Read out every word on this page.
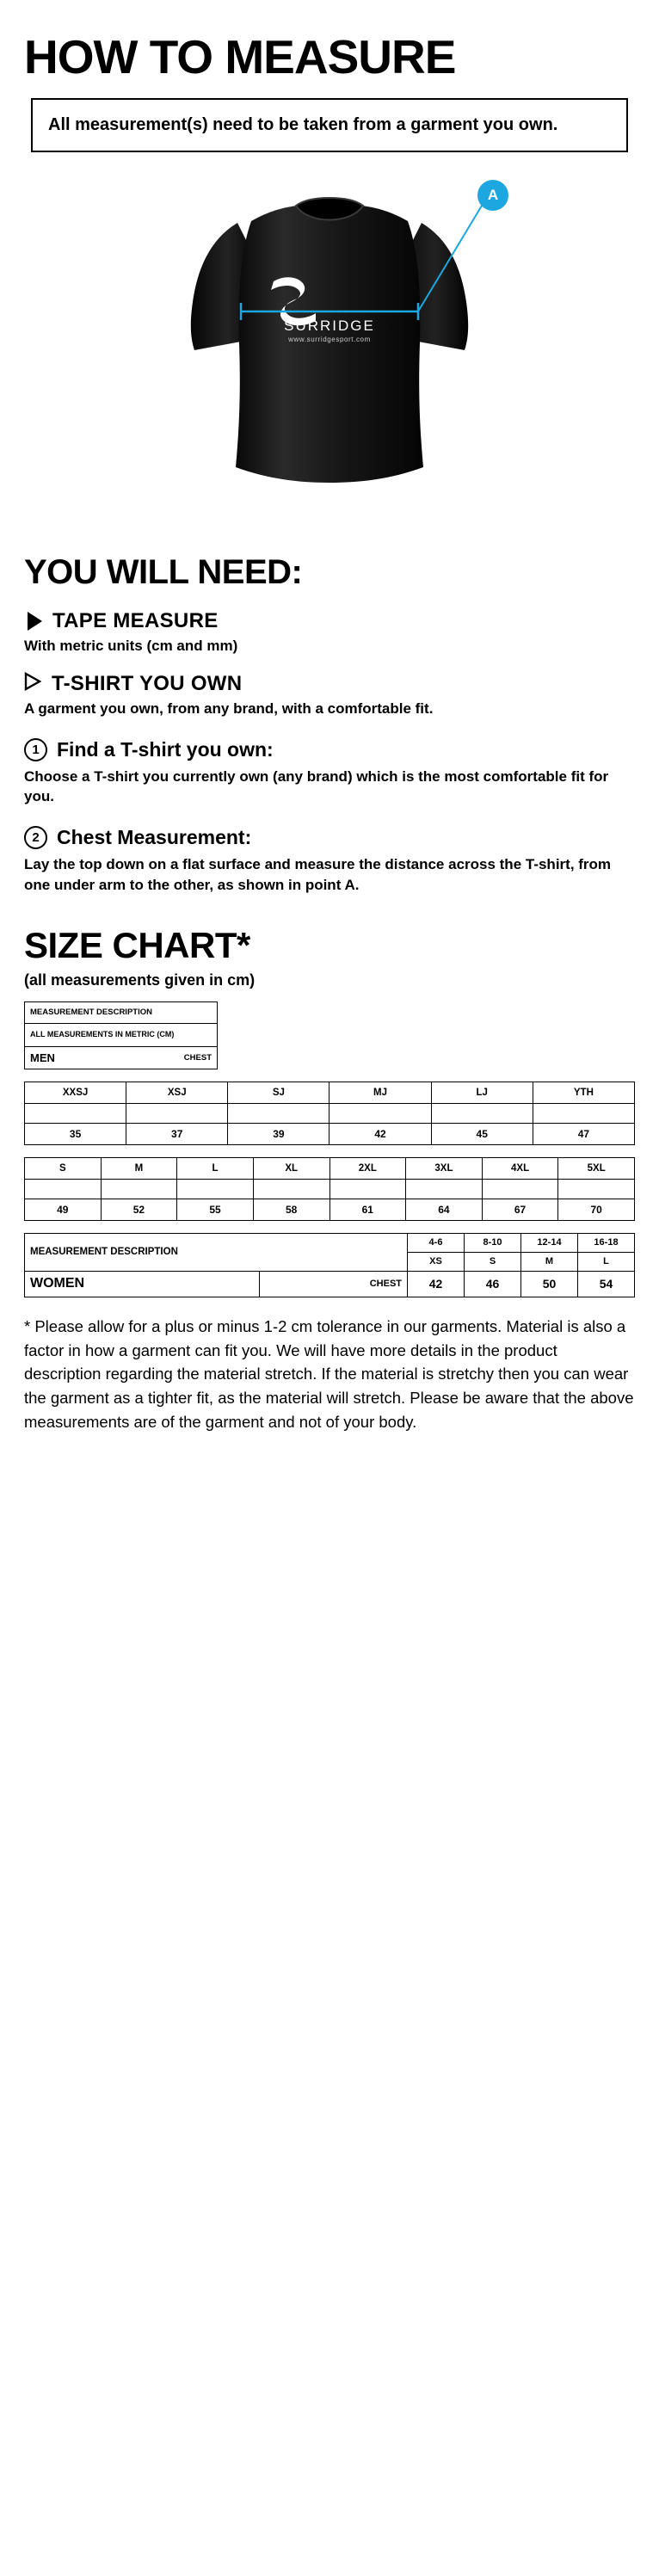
HOW TO MEASURE
All measurement(s) need to be taken from a garment you own.
SURRIDGE
www.surridgesport.com
A
YOU WILL NEED:
TAPE MEASURE
With metric units (cm and mm)
T-SHIRT YOU OWN
A garment you own, from any brand, with a comfortable fit.
1 Find a T-shirt you own:
Choose a T-shirt you currently own (any brand) which is the most comfortable fit for you.
2 Chest Measurement:
Lay the top down on a flat surface and measure the distance across the T-shirt, from one under arm to the other, as shown in point A.
SIZE CHART*
(all measurements given in cm)
MEASUREMENT DESCRIPTION
ALL MEASUREMENTS IN METRIC (CM)

MEN	CHEST
XXSJ	XSJ	SJ	MJ	LJ	YTH

35	37	39	42	45	47
S	M	L	XL	2XL	3XL	4XL	5XL

49	52	55	58	61	64	67	70
MEASUREMENT DESCRIPTION		4-6	8-10	12-14	16-18
		XS	S	M	L
WOMEN	CHEST	42	46	50	54
* Please allow for a plus or minus 1-2 cm tolerance in our garments. Material is also a factor in how a garment can fit you. We will have more details in the product description regarding the material stretch. If the material is stretchy then you can wear the garment as a tighter fit, as the material will stretch. Please be aware that the above measurements are of the garment and not of your body.
